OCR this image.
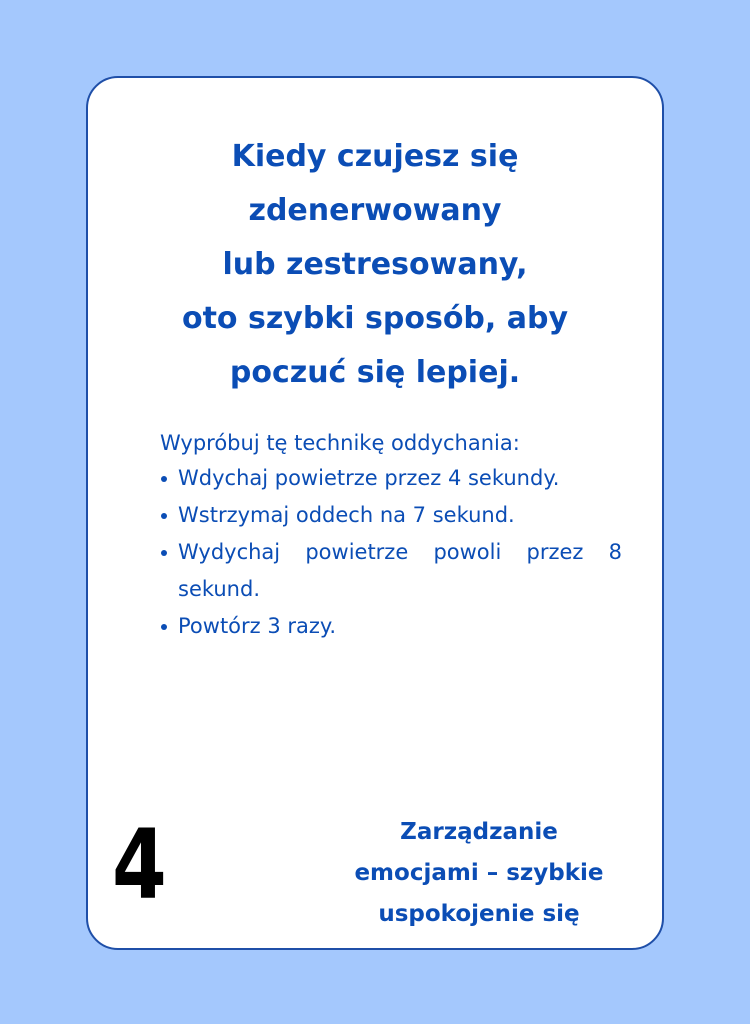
Kiedy czujesz się
zdenerwowany
lub zestresowany,
oto szybki sposób, aby
poczuć się lepiej.

Wypróbuj tę technikę oddychania:

Wdychaj powietrze przez 4 sekundy.
Wstrzymaj oddech na 7 sekund.
Wydychaj powietrze powoli przez 8 sekund.
Powtórz 3 razy.
4	Zarządzanie
emocjami – szybkie
uspokojenie się
